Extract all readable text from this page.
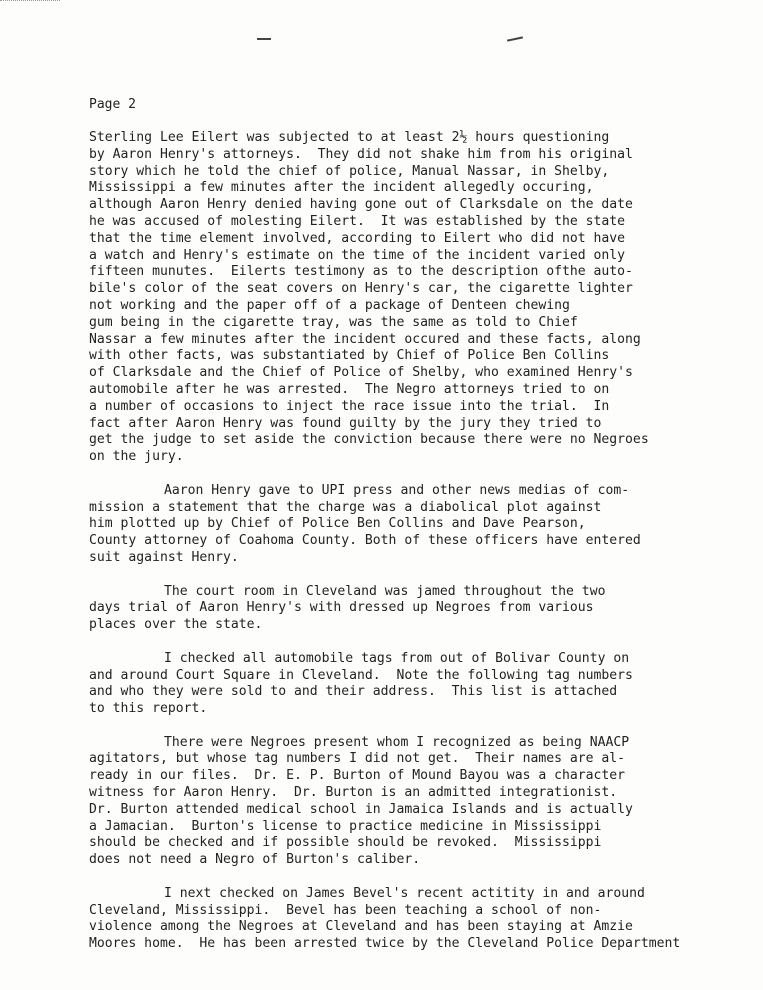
Page 2
Sterling Lee Eilert was subjected to at least 2½ hours questioning
by Aaron Henry's attorneys.  They did not shake him from his original
story which he told the chief of police, Manual Nassar, in Shelby,
Mississippi a few minutes after the incident allegedly occuring,
although Aaron Henry denied having gone out of Clarksdale on the date
he was accused of molesting Eilert.  It was established by the state
that the time element involved, according to Eilert who did not have
a watch and Henry's estimate on the time of the incident varied only
fifteen munutes.  Eilerts testimony as to the description ofthe auto-
bile's color of the seat covers on Henry's car, the cigarette lighter
not working and the paper off of a package of Denteen chewing
gum being in the cigarette tray, was the same as told to Chief
Nassar a few minutes after the incident occured and these facts, along
with other facts, was substantiated by Chief of Police Ben Collins
of Clarksdale and the Chief of Police of Shelby, who examined Henry's
automobile after he was arrested.  The Negro attorneys tried to on
a number of occasions to inject the race issue into the trial.  In
fact after Aaron Henry was found guilty by the jury they tried to
get the judge to set aside the conviction because there were no Negroes
on the jury.
Aaron Henry gave to UPI press and other news medias of com-
mission a statement that the charge was a diabolical plot against
him plotted up by Chief of Police Ben Collins and Dave Pearson,
County attorney of Coahoma County. Both of these officers have entered
suit against Henry.
The court room in Cleveland was jamed throughout the two
days trial of Aaron Henry's with dressed up Negroes from various
places over the state.
I checked all automobile tags from out of Bolivar County on
and around Court Square in Cleveland.  Note the following tag numbers
and who they were sold to and their address.  This list is attached
to this report.
There were Negroes present whom I recognized as being NAACP
agitators, but whose tag numbers I did not get.  Their names are al-
ready in our files.  Dr. E. P. Burton of Mound Bayou was a character
witness for Aaron Henry.  Dr. Burton is an admitted integrationist.
Dr. Burton attended medical school in Jamaica Islands and is actually
a Jamacian.  Burton's license to practice medicine in Mississippi
should be checked and if possible should be revoked.  Mississippi
does not need a Negro of Burton's caliber.
I next checked on James Bevel's recent actitity in and around
Cleveland, Mississippi.  Bevel has been teaching a school of non-
violence among the Negroes at Cleveland and has been staying at Amzie
Moores home.  He has been arrested twice by the Cleveland Police Department
